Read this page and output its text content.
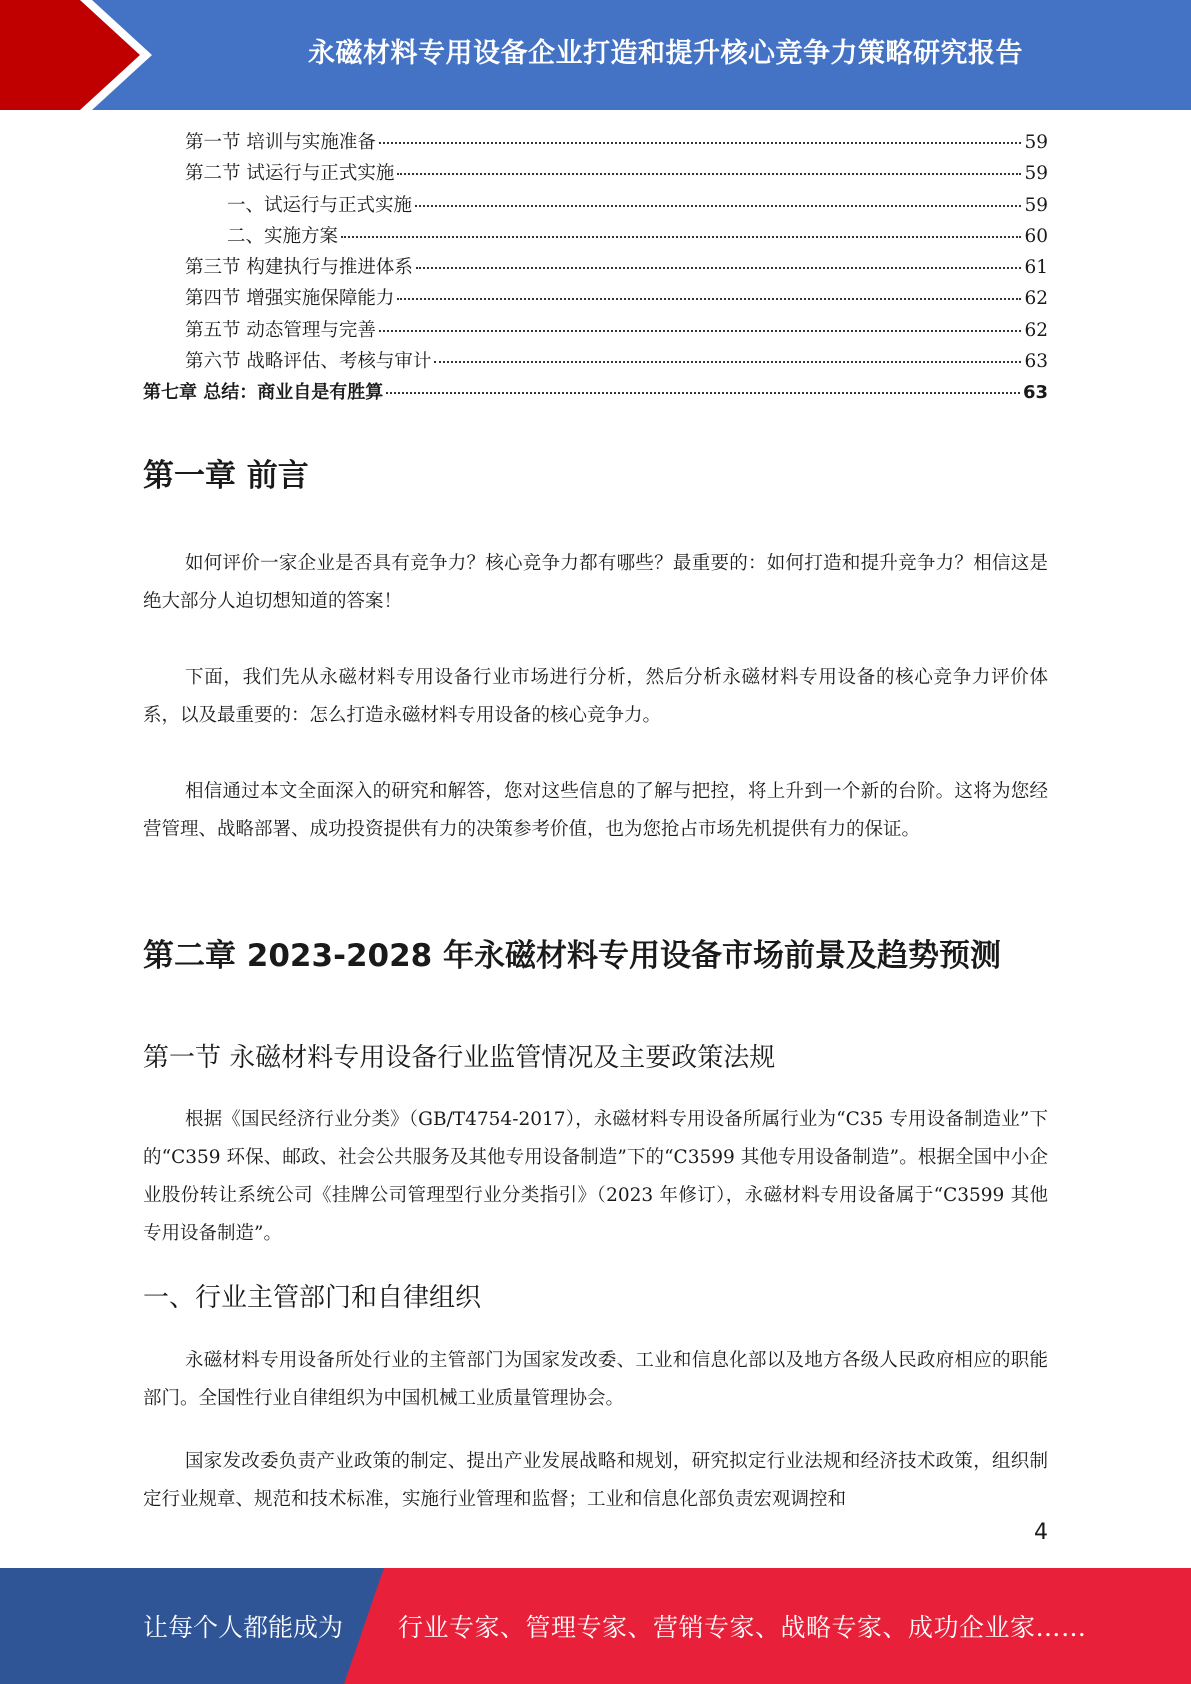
永磁材料专用设备企业打造和提升核心竞争力策略研究报告
第一节 培训与实施准备	59
第二节 试运行与正式实施	59
一、试运行与正式实施	59
二、实施方案	60
第三节 构建执行与推进体系	61
第四节 增强实施保障能力	62
第五节 动态管理与完善	62
第六节 战略评估、考核与审计	63
第七章 总结：商业自是有胜算	63
第一章 前言

如何评价一家企业是否具有竞争力？核心竞争力都有哪些？最重要的：如何打造和提升竞争力？相信这是绝大部分人迫切想知道的答案！

下面，我们先从永磁材料专用设备行业市场进行分析，然后分析永磁材料专用设备的核心竞争力评价体系，以及最重要的：怎么打造永磁材料专用设备的核心竞争力。

相信通过本文全面深入的研究和解答，您对这些信息的了解与把控，将上升到一个新的台阶。这将为您经营管理、战略部署、成功投资提供有力的决策参考价值，也为您抢占市场先机提供有力的保证。

第二章 2023-2028 年永磁材料专用设备市场前景及趋势预测
第一节 永磁材料专用设备行业监管情况及主要政策法规

根据《国民经济行业分类》（GB/T4754-2017），永磁材料专用设备所属行业为“C35 专用设备制造业”下的“C359 环保、邮政、社会公共服务及其他专用设备制造”下的“C3599 其他专用设备制造”。根据全国中小企业股份转让系统公司《挂牌公司管理型行业分类指引》（2023 年修订），永磁材料专用设备属于“C3599 其他专用设备制造”。

一、行业主管部门和自律组织

永磁材料专用设备所处行业的主管部门为国家发改委、工业和信息化部以及地方各级人民政府相应的职能部门。全国性行业自律组织为中国机械工业质量管理协会。

国家发改委负责产业政策的制定、提出产业发展战略和规划，研究拟定行业法规和经济技术政策，组织制定行业规章、规范和技术标准，实施行业管理和监督；工业和信息化部负责宏观调控和

4
让每个人都能成为 行业专家、管理专家、营销专家、战略专家、成功企业家……
